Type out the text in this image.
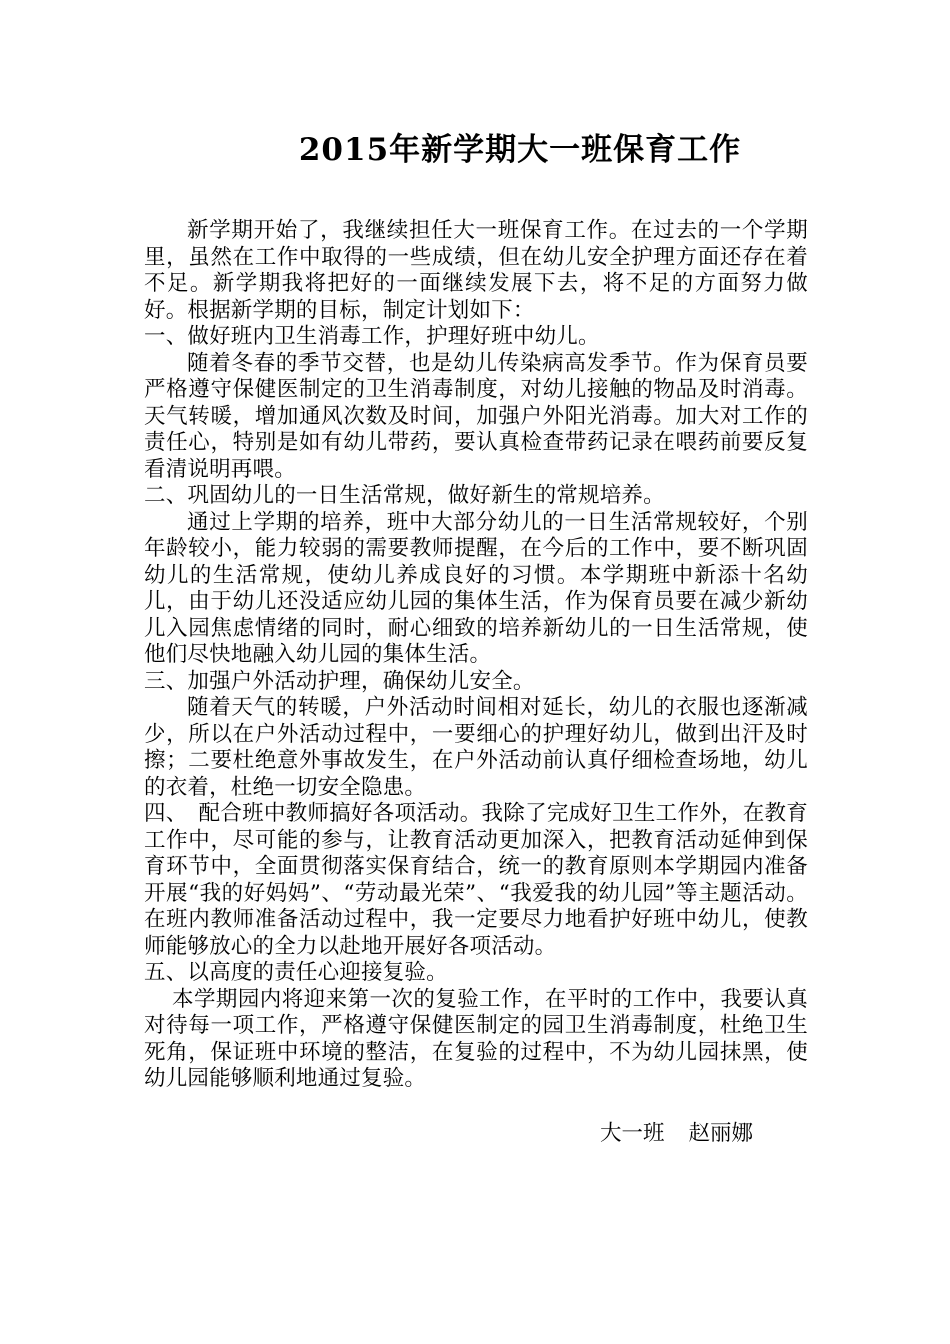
2015年新学期大一班保育工作

新学期开始了，我继续担任大一班保育工作。在过去的一个学期里，虽然在工作中取得的一些成绩，但在幼儿安全护理方面还存在着不足。新学期我将把好的一面继续发展下去，将不足的方面努力做好。根据新学期的目标，制定计划如下：

一、做好班内卫生消毒工作，护理好班中幼儿。

随着冬春的季节交替，也是幼儿传染病高发季节。作为保育员要严格遵守保健医制定的卫生消毒制度，对幼儿接触的物品及时消毒。天气转暖，增加通风次数及时间，加强户外阳光消毒。加大对工作的责任心，特别是如有幼儿带药，要认真检查带药记录在喂药前要反复看清说明再喂。

二、巩固幼儿的一日生活常规，做好新生的常规培养。

通过上学期的培养，班中大部分幼儿的一日生活常规较好，个别年龄较小，能力较弱的需要教师提醒，在今后的工作中，要不断巩固幼儿的生活常规，使幼儿养成良好的习惯。本学期班中新添十名幼儿，由于幼儿还没适应幼儿园的集体生活，作为保育员要在减少新幼儿入园焦虑情绪的同时，耐心细致的培养新幼儿的一日生活常规，使他们尽快地融入幼儿园的集体生活。

三、加强户外活动护理，确保幼儿安全。

随着天气的转暖，户外活动时间相对延长，幼儿的衣服也逐渐减少，所以在户外活动过程中，一要细心的护理好幼儿，做到出汗及时擦；二要杜绝意外事故发生，在户外活动前认真仔细检查场地，幼儿的衣着，杜绝一切安全隐患。

四、　配合班中教师搞好各项活动。我除了完成好卫生工作外，在教育工作中，尽可能的参与，让教育活动更加深入，把教育活动延伸到保育环节中，全面贯彻落实保育结合，统一的教育原则本学期园内准备开展“我的好妈妈”、“劳动最光荣”、“我爱我的幼儿园”等主题活动。在班内教师准备活动过程中，我一定要尽力地看护好班中幼儿，使教师能够放心的全力以赴地开展好各项活动。

五、以高度的责任心迎接复验。

本学期园内将迎来第一次的复验工作，在平时的工作中，我要认真对待每一项工作，严格遵守保健医制定的园卫生消毒制度，杜绝卫生死角，保证班中环境的整洁，在复验的过程中，不为幼儿园抹黑，使幼儿园能够顺利地通过复验。

大一班 赵丽娜
